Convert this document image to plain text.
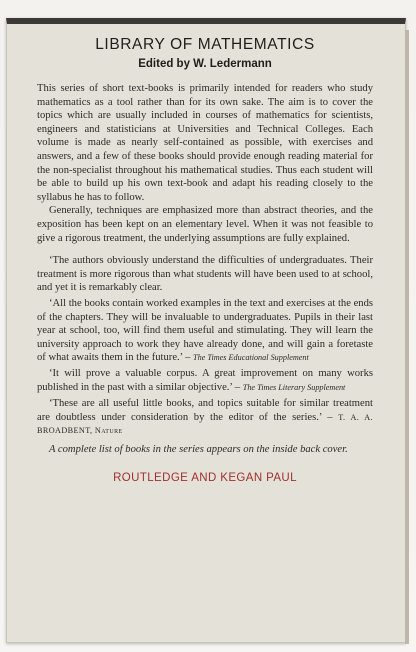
LIBRARY OF MATHEMATICS
Edited by W. Ledermann

This series of short text-books is primarily intended for readers who study mathematics as a tool rather than for its own sake. The aim is to cover the topics which are usually included in courses of mathematics for scientists, engineers and statisticians at Universities and Technical Colleges. Each volume is made as nearly self-contained as possible, with exercises and answers, and a few of these books should provide enough reading material for the non-specialist throughout his mathematical studies. Thus each student will be able to build up his own text-book and adapt his reading closely to the syllabus he has to follow.

Generally, techniques are emphasized more than abstract theories, and the exposition has been kept on an elementary level. When it was not feasible to give a rigorous treatment, the underlying assumptions are fully explained.

‘The authors obviously understand the difficulties of undergraduates. Their treatment is more rigorous than what students will have been used to at school, and yet it is remarkably clear.

‘All the books contain worked examples in the text and exercises at the ends of the chapters. They will be invaluable to undergraduates. Pupils in their last year at school, too, will find them useful and stimulating. They will learn the university approach to work they have already done, and will gain a foretaste of what awaits them in the future.’ – The Times Educational Supplement

‘It will prove a valuable corpus. A great improvement on many works published in the past with a similar objective.’ – The Times Literary Supplement

‘These are all useful little books, and topics suitable for similar treatment are doubtless under consideration by the editor of the series.’ – T. A. A. BROADBENT, Nature

A complete list of books in the series appears on the inside back cover.

ROUTLEDGE AND KEGAN PAUL
